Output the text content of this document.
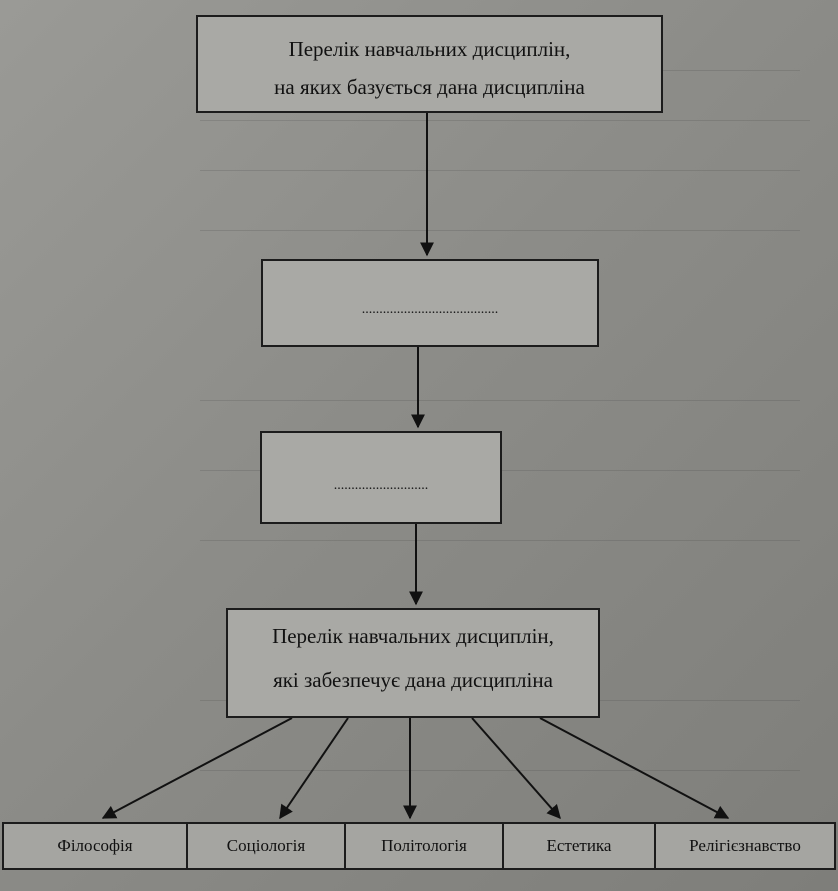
Перелік навчальних дисциплін,
на яких базується дана дисципліна
.......................................
...........................
Перелік навчальних дисциплін,
які забезпечує дана дисципліна
Філософія	Соціологія	Політологія	Естетика	Релігієзнавство
